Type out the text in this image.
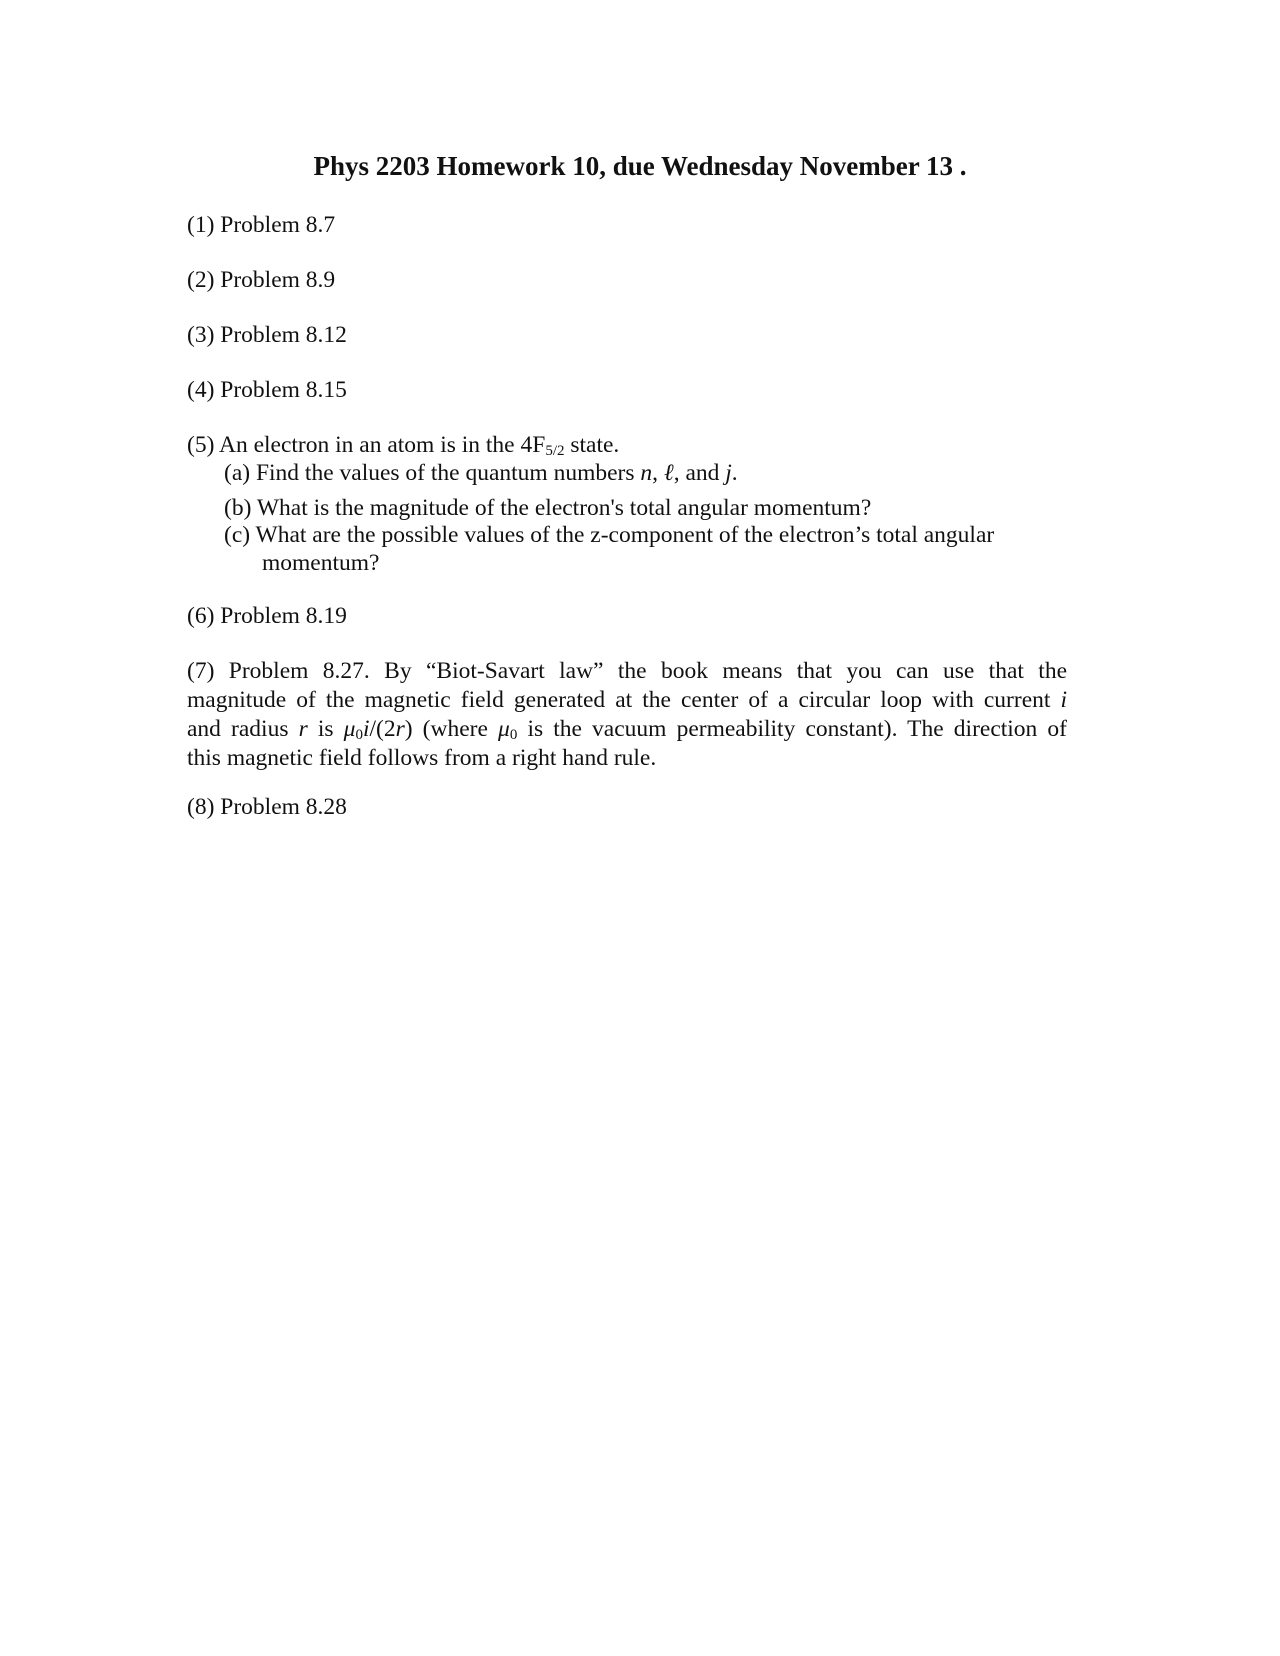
Phys 2203 Homework 10, due Wednesday November 13 .

(1) Problem 8.7

(2) Problem 8.9

(3) Problem 8.12

(4) Problem 8.15

(5) An electron in an atom is in the $4F_{5/2}$ state.

(a) Find the values of the quantum numbers n, ℓ, and j.

(b) What is the magnitude of the electron's total angular momentum?

(c) What are the possible values of the z-component of the electron’s total angular

momentum?

(6) Problem 8.19

(7) Problem 8.27. By “Biot-Savart law” the book means that you can use that the
magnitude of the magnetic field generated at the center of a circular loop with current i
and radius r is $\mu_0i/(2r)$ (where $\mu_0$ is the vacuum permeability constant). The direction of
this magnetic field follows from a right hand rule.

(8) Problem 8.28
